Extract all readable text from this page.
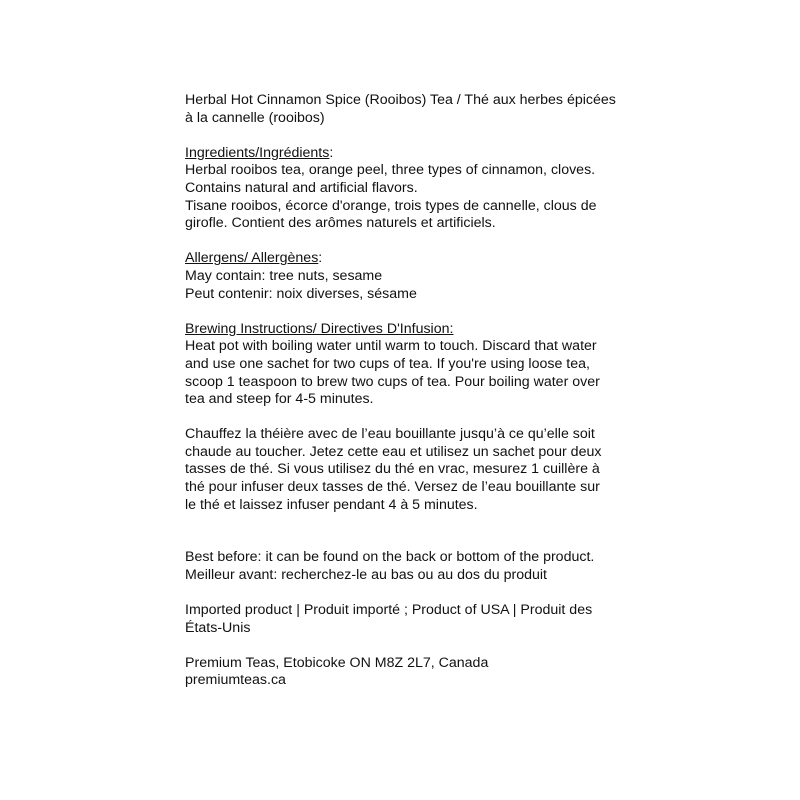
Herbal Hot Cinnamon Spice (Rooibos) Tea / Thé aux herbes épicées
à la cannelle (rooibos)
Ingredients/Ingrédients:
Herbal rooibos tea, orange peel, three types of cinnamon, cloves.
Contains natural and artificial flavors.
Tisane rooibos, écorce d'orange, trois types de cannelle, clous de
girofle. Contient des arômes naturels et artificiels.
Allergens/ Allergènes:
May contain: tree nuts, sesame
Peut contenir: noix diverses, sésame
Brewing Instructions/ Directives D'Infusion:
Heat pot with boiling water until warm to touch. Discard that water
and use one sachet for two cups of tea. If you're using loose tea,
scoop 1 teaspoon to brew two cups of tea. Pour boiling water over
tea and steep for 4-5 minutes.
Chauffez la théière avec de l’eau bouillante jusqu’à ce qu’elle soit
chaude au toucher. Jetez cette eau et utilisez un sachet pour deux
tasses de thé. Si vous utilisez du thé en vrac, mesurez 1 cuillère à
thé pour infuser deux tasses de thé. Versez de l’eau bouillante sur
le thé et laissez infuser pendant 4 à 5 minutes.
Best before: it can be found on the back or bottom of the product.
Meilleur avant: recherchez-le au bas ou au dos du produit
Imported product | Produit importé ; Product of USA | Produit des
États-Unis
Premium Teas, Etobicoke ON M8Z 2L7, Canada
premiumteas.ca
